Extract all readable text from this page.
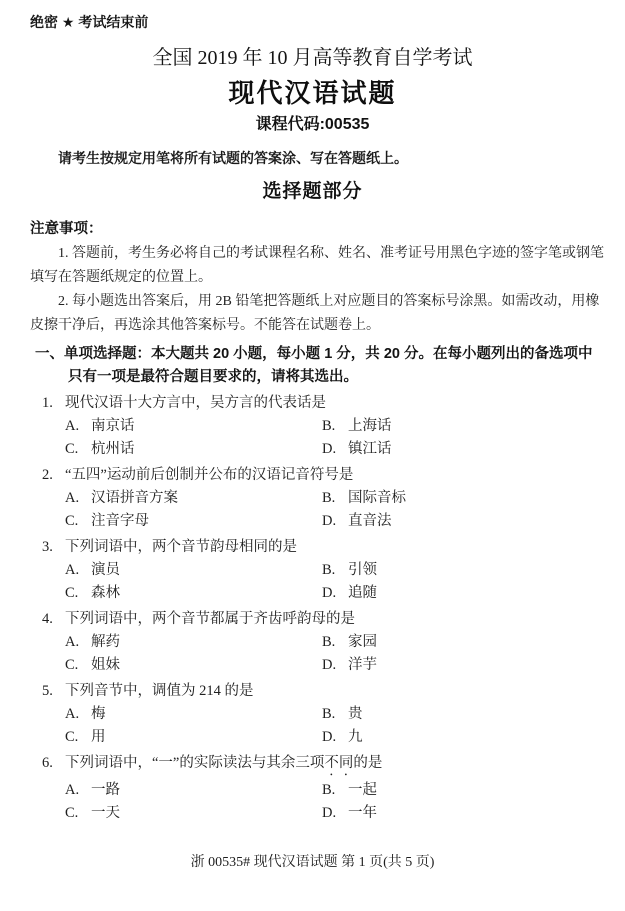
绝密 ★ 考试结束前
全国 2019 年 10 月高等教育自学考试
现代汉语试题
课程代码:00535
请考生按规定用笔将所有试题的答案涂、写在答题纸上。
选择题部分
注意事项：
1. 答题前，考生务必将自己的考试课程名称、姓名、准考证号用黑色字迹的签字笔或钢笔
填写在答题纸规定的位置上。
2. 每小题选出答案后，用 2B 铅笔把答题纸上对应题目的答案标号涂黑。如需改动，用橡
皮擦干净后，再选涂其他答案标号。不能答在试题卷上。
一、单项选择题：本大题共 20 小题，每小题 1 分，共 20 分。在每小题列出的备选项中
只有一项是最符合题目要求的，请将其选出。
1. 现代汉语十大方言中，吴方言的代表话是
A. 南京话	B. 上海话
C. 杭州话	D. 镇江话
2. “五四”运动前后创制并公布的汉语记音符号是
A. 汉语拼音方案	B. 国际音标
C. 注音字母	D. 直音法
3. 下列词语中，两个音节韵母相同的是
A. 演员	B. 引领
C. 森林	D. 追随
4. 下列词语中，两个音节都属于齐齿呼韵母的是
A. 解药	B. 家园
C. 姐妹	D. 洋芋
5. 下列音节中，调值为 214 的是
A. 梅	B. 贵
C. 用	D. 九
6. 下列词语中，“一”的实际读法与其余三项不同的是
A. 一路	B. 一起
C. 一天	D. 一年
浙 00535# 现代汉语试题 第 1 页(共 5 页)
